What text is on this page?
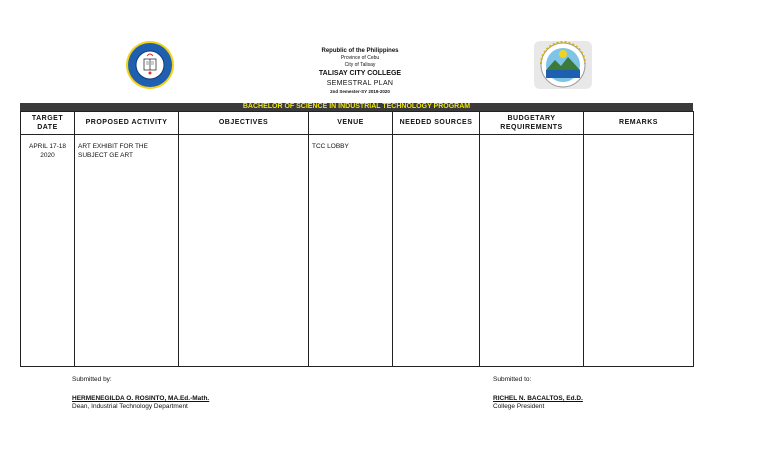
Republic of the Philippines
Province of Cebu
City of Talisay
TALISAY CITY COLLEGE
SEMESTRAL PLAN
2nd Semester-SY 2019-2020
BACHELOR OF SCIENCE IN INDUSTRIAL TECHNOLOGY PROGRAM
TARGET DATE	PROPOSED ACTIVITY	OBJECTIVES	VENUE	NEEDED SOURCES	BUDGETARY REQUIREMENTS	REMARKS
APRIL 17-18 2020	ART EXHIBIT FOR THE SUBJECT GE ART		TCC LOBBY			
Submitted by:
HERMENEGILDA O. ROSINTO, MA.Ed.-Math.
Dean, Industrial Technology Department
Submitted to:
RICHEL N. BACALTOS, Ed.D.
College President
